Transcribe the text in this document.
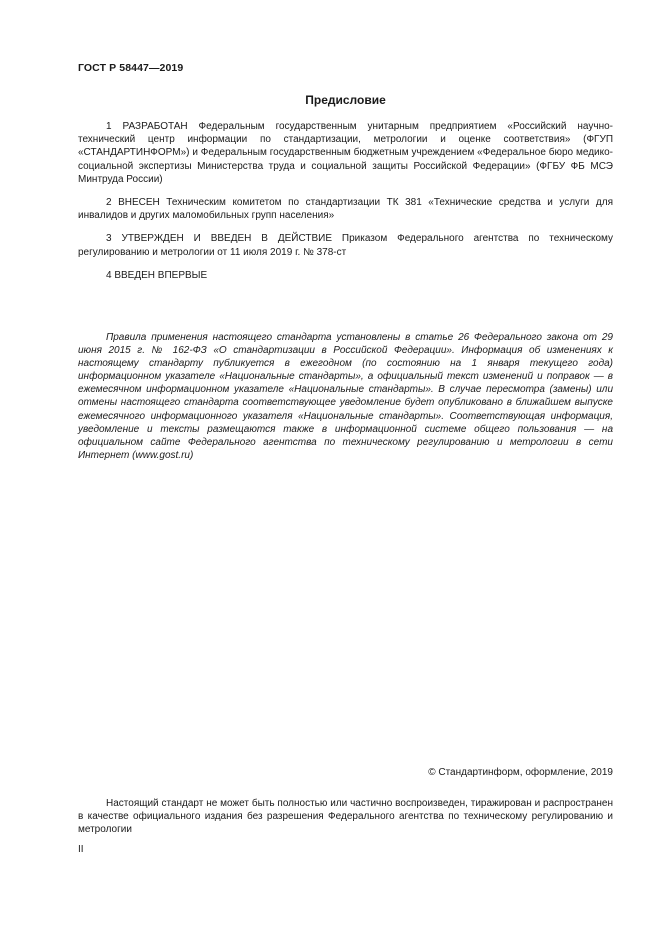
ГОСТ Р 58447—2019
Предисловие

1 РАЗРАБОТАН Федеральным государственным унитарным предприятием «Российский научно-технический центр информации по стандартизации, метрологии и оценке соответствия» (ФГУП «СТАНДАРТИНФОРМ») и Федеральным государственным бюджетным учреждением «Федеральное бюро медико-социальной экспертизы Министерства труда и социальной защиты Российской Федерации» (ФГБУ ФБ МСЭ Минтруда России)

2 ВНЕСЕН Техническим комитетом по стандартизации ТК 381 «Технические средства и услуги для инвалидов и других маломобильных групп населения»

3 УТВЕРЖДЕН И ВВЕДЕН В ДЕЙСТВИЕ Приказом Федерального агентства по техническому регулированию и метрологии от 11 июля 2019 г. № 378-ст

4 ВВЕДЕН ВПЕРВЫЕ

Правила применения настоящего стандарта установлены в статье 26 Федерального закона от 29 июня 2015 г. № 162-ФЗ «О стандартизации в Российской Федерации». Информация об изменениях к настоящему стандарту публикуется в ежегодном (по состоянию на 1 января текущего года) информационном указателе «Национальные стандарты», а официальный текст изменений и поправок — в ежемесячном информационном указателе «Национальные стандарты». В случае пересмотра (замены) или отмены настоящего стандарта соответствующее уведомление будет опубликовано в ближайшем выпуске ежемесячного информационного указателя «Национальные стандарты». Соответствующая информация, уведомление и тексты размещаются также в информационной системе общего пользования — на официальном сайте Федерального агентства по техническому регулированию и метрологии в сети Интернет (www.gost.ru)

© Стандартинформ, оформление, 2019

Настоящий стандарт не может быть полностью или частично воспроизведен, тиражирован и распространен в качестве официального издания без разрешения Федерального агентства по техническому регулированию и метрологии

II
